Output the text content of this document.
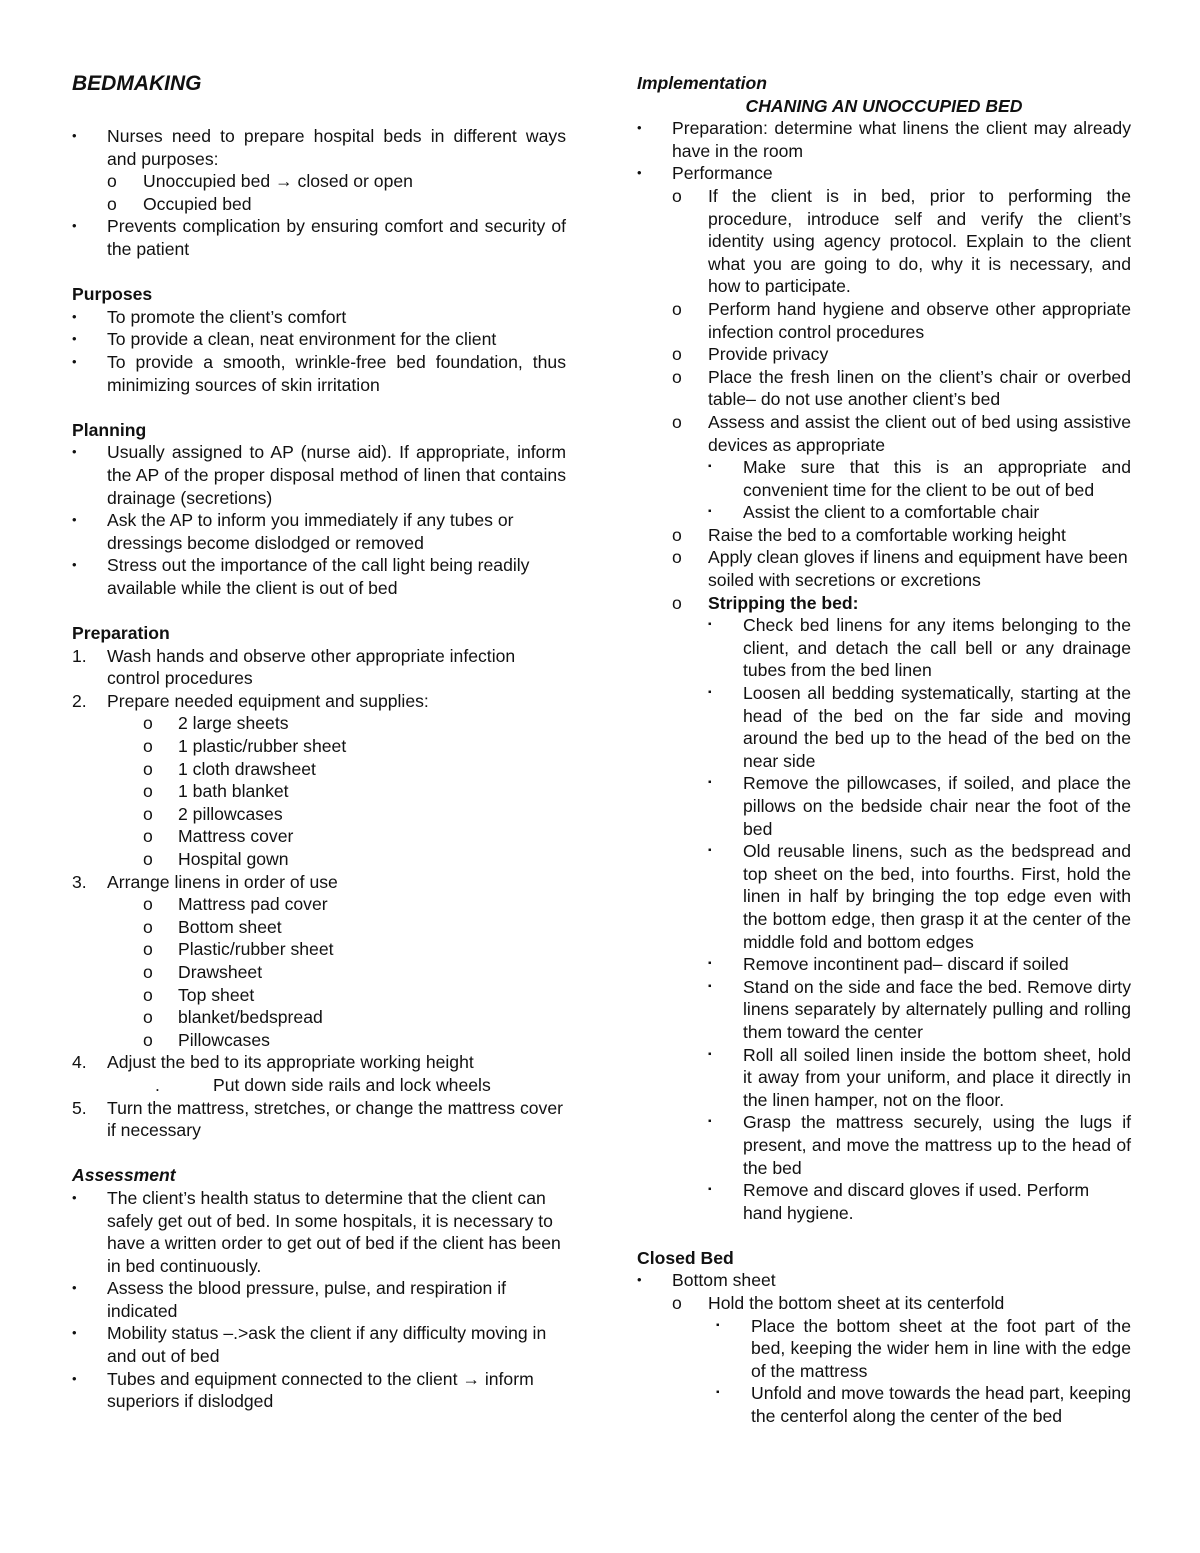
BEDMAKING
• Nurses need to prepare hospital beds in different ways and purposes:
o Unoccupied bed → closed or open
o Occupied bed
• Prevents complication by ensuring comfort and security of the patient
Purposes
• To promote the client’s comfort
• To provide a clean, neat environment for the client
• To provide a smooth, wrinkle-free bed foundation, thus minimizing sources of skin irritation
Planning
• Usually assigned to AP (nurse aid). If appropriate, inform the AP of the proper disposal method of linen that contains drainage (secretions)
• Ask the AP to inform you immediately if any tubes or dressings become dislodged or removed
• Stress out the importance of the call light being readily available while the client is out of bed
Preparation
1. Wash hands and observe other appropriate infection control procedures
2. Prepare needed equipment and supplies:
o 2 large sheets
o 1 plastic/rubber sheet
o 1 cloth drawsheet
o 1 bath blanket
o 2 pillowcases
o Mattress cover
o Hospital gown
3. Arrange linens in order of use
o Mattress pad cover
o Bottom sheet
o Plastic/rubber sheet
o Drawsheet
o Top sheet
o blanket/bedspread
o Pillowcases
4. Adjust the bed to its appropriate working height
.	Put down side rails and lock wheels
5. Turn the mattress, stretches, or change the mattress cover if necessary
Assessment
• The client’s health status to determine that the client can safely get out of bed. In some hospitals, it is necessary to have a written order to get out of bed if the client has been in bed continuously.
• Assess the blood pressure, pulse, and respiration if indicated
• Mobility status –.>ask the client if any difficulty moving in and out of bed
• Tubes and equipment connected to the client → inform superiors if dislodged
Implementation
CHANING AN UNOCCUPIED BED
• Preparation: determine what linens the client may already have in the room
• Performance
o If the client is in bed, prior to performing the procedure, introduce self and verify the client’s identity using agency protocol. Explain to the client what you are going to do, why it is necessary, and how to participate.
o Perform hand hygiene and observe other appropriate infection control procedures
o Provide privacy
o Place the fresh linen on the client’s chair or overbed table– do not use another client’s bed
o Assess and assist the client out of bed using assistive devices as appropriate
▪ Make sure that this is an appropriate and convenient time for the client to be out of bed
▪ Assist the client to a comfortable chair
o Raise the bed to a comfortable working height
o Apply clean gloves if linens and equipment have been soiled with secretions or excretions
o Stripping the bed:
▪ Check bed linens for any items belonging to the client, and detach the call bell or any drainage tubes from the bed linen
▪ Loosen all bedding systematically, starting at the head of the bed on the far side and moving around the bed up to the head of the bed on the near side
▪ Remove the pillowcases, if soiled, and place the pillows on the bedside chair near the foot of the bed
▪ Old reusable linens, such as the bedspread and top sheet on the bed, into fourths. First, hold the linen in half by bringing the top edge even with the bottom edge, then grasp it at the center of the middle fold and bottom edges
▪ Remove incontinent pad– discard if soiled
▪ Stand on the side and face the bed. Remove dirty linens separately by alternately pulling and rolling them toward the center
▪ Roll all soiled linen inside the bottom sheet, hold it away from your uniform, and place it directly in the linen hamper, not on the floor.
▪ Grasp the mattress securely, using the lugs if present, and move the mattress up to the head of the bed
▪ Remove and discard gloves if used. Perform hand hygiene.
Closed Bed
• Bottom sheet
o Hold the bottom sheet at its centerfold
▪ Place the bottom sheet at the foot part of the bed, keeping the wider hem in line with the edge of the mattress
▪ Unfold and move towards the head part, keeping the centerfol along the center of the bed
